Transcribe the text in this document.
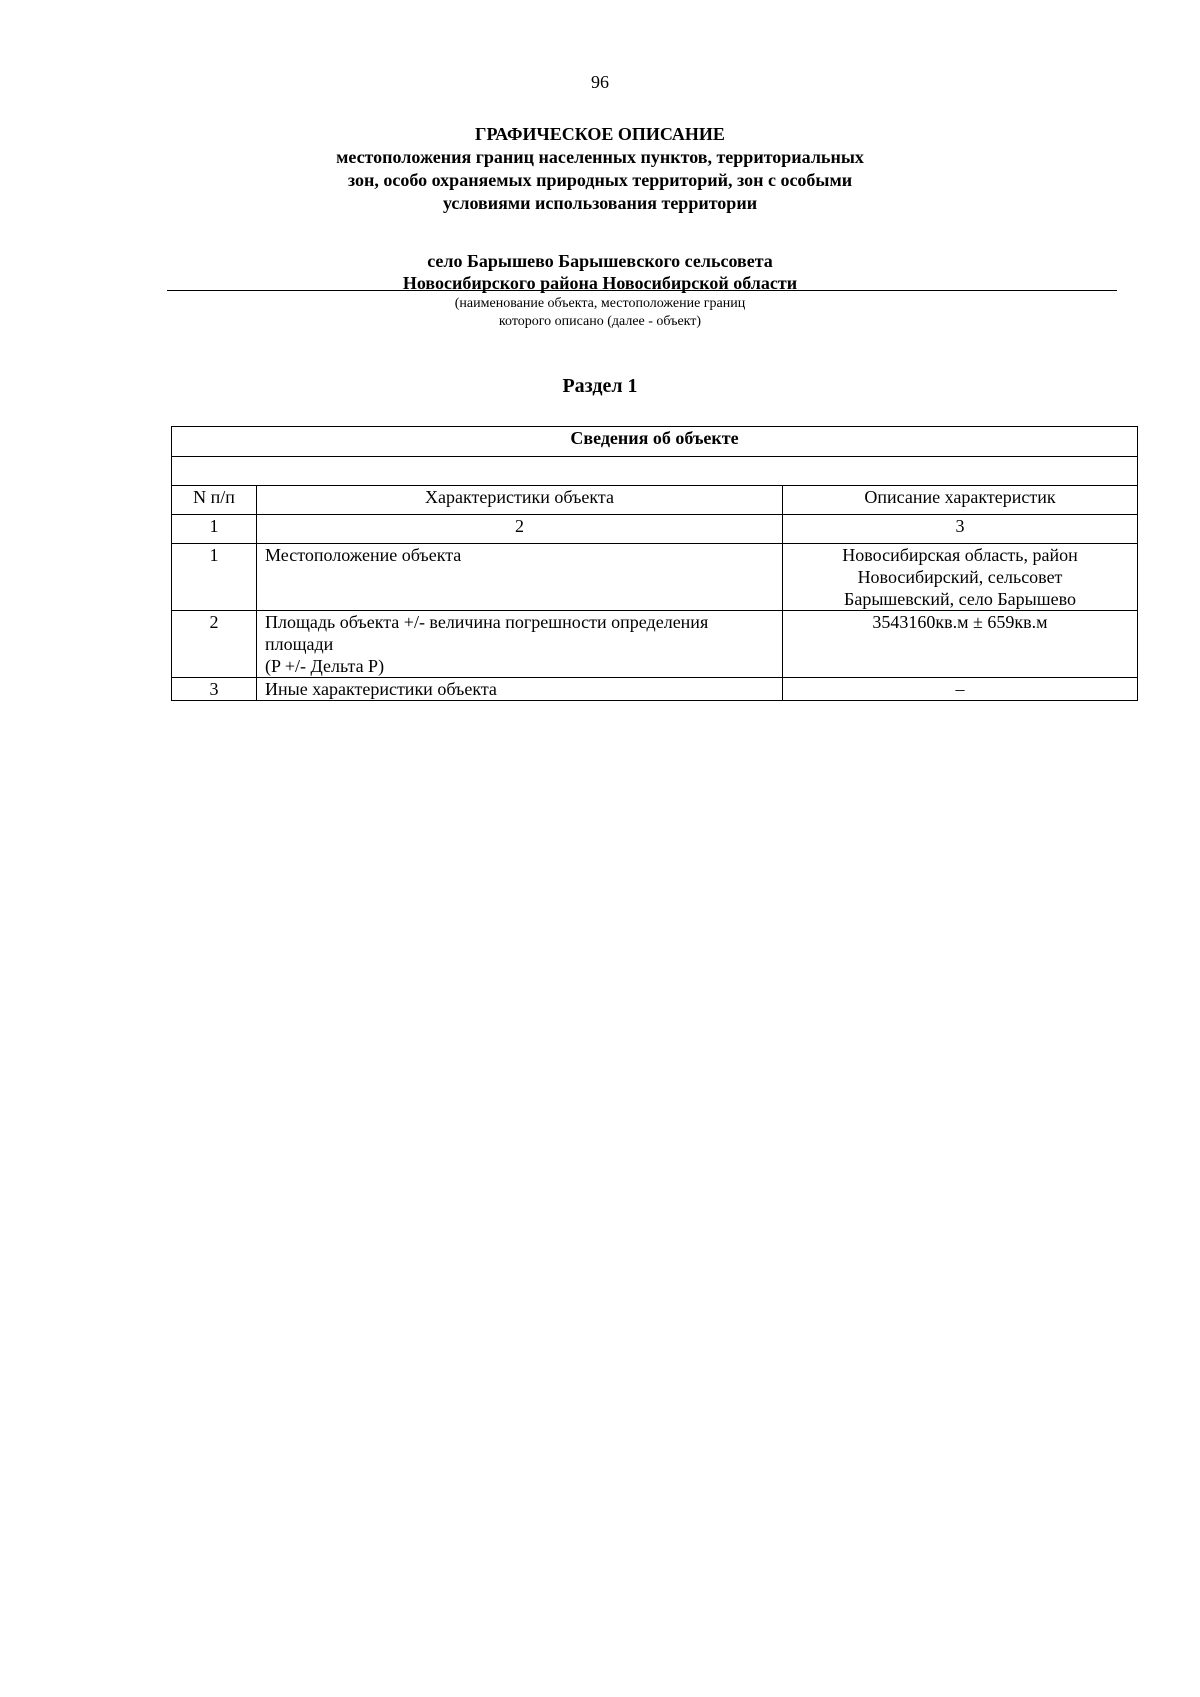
96
ГРАФИЧЕСКОЕ ОПИСАНИЕ
местоположения границ населенных пунктов, территориальных
зон, особо охраняемых природных территорий, зон с особыми
условиями использования территории
село Барышево Барышевского сельсовета
Новосибирского района Новосибирской области
(наименование объекта, местоположение границ
которого описано (далее - объект)
Раздел 1
Сведения об объекте		

N п/п	Характеристики объекта	Описание характеристик
1	2	3
1	Местоположение объекта	Новосибирская область, район
Новосибирский, сельсовет
Барышевский, село Барышево

2	Площадь объекта +/- величина погрешности определения
площади
(P +/- Дельта P)	3543160кв.м ± 659кв.м

3	Иные характеристики объекта	–
